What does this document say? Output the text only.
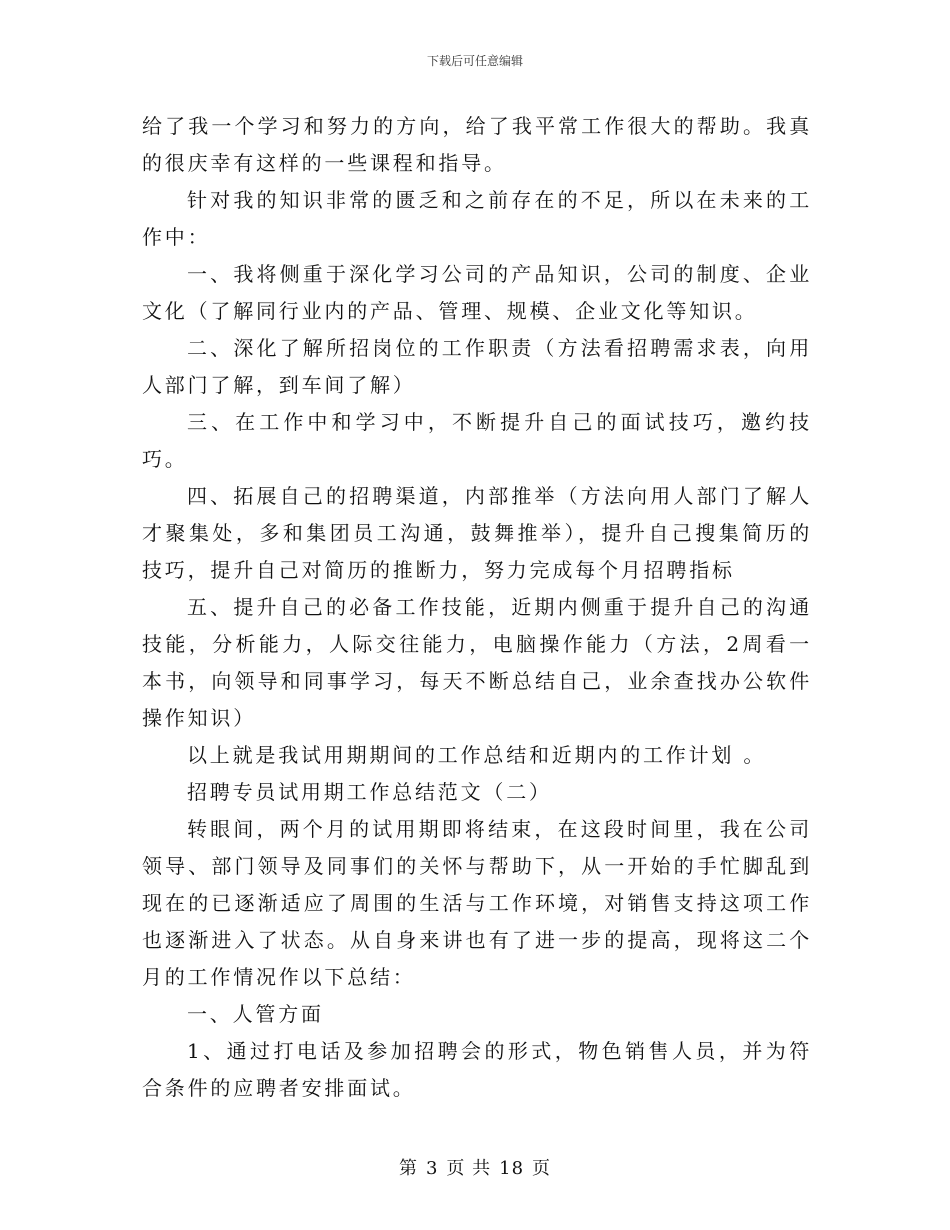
下载后可任意编辑

给了我一个学习和努力的方向，给了我平常工作很大的帮助。我真的很庆幸有这样的一些课程和指导。

针对我的知识非常的匮乏和之前存在的不足，所以在未来的工作中：

一、我将侧重于深化学习公司的产品知识，公司的制度、企业文化（了解同行业内的产品、管理、规模、企业文化等知识。

二、深化了解所招岗位的工作职责（方法看招聘需求表，向用人部门了解，到车间了解）

三、在工作中和学习中，不断提升自己的面试技巧，邀约技巧。

四、拓展自己的招聘渠道，内部推举（方法向用人部门了解人才聚集处，多和集团员工沟通，鼓舞推举），提升自己搜集简历的技巧，提升自己对简历的推断力，努力完成每个月招聘指标

五、提升自己的必备工作技能，近期内侧重于提升自己的沟通技能，分析能力，人际交往能力，电脑操作能力（方法，2周看一本书，向领导和同事学习，每天不断总结自己，业余查找办公软件操作知识）

以上就是我试用期期间的工作总结和近期内的工作计划 。

招聘专员试用期工作总结范文（二）

转眼间，两个月的试用期即将结束，在这段时间里，我在公司领导、部门领导及同事们的关怀与帮助下，从一开始的手忙脚乱到现在的已逐渐适应了周围的生活与工作环境，对销售支持这项工作也逐渐进入了状态。从自身来讲也有了进一步的提高，现将这二个月的工作情况作以下总结：

一、人管方面

1、通过打电话及参加招聘会的形式，物色销售人员，并为符合条件的应聘者安排面试。

第 3 页 共 18 页
